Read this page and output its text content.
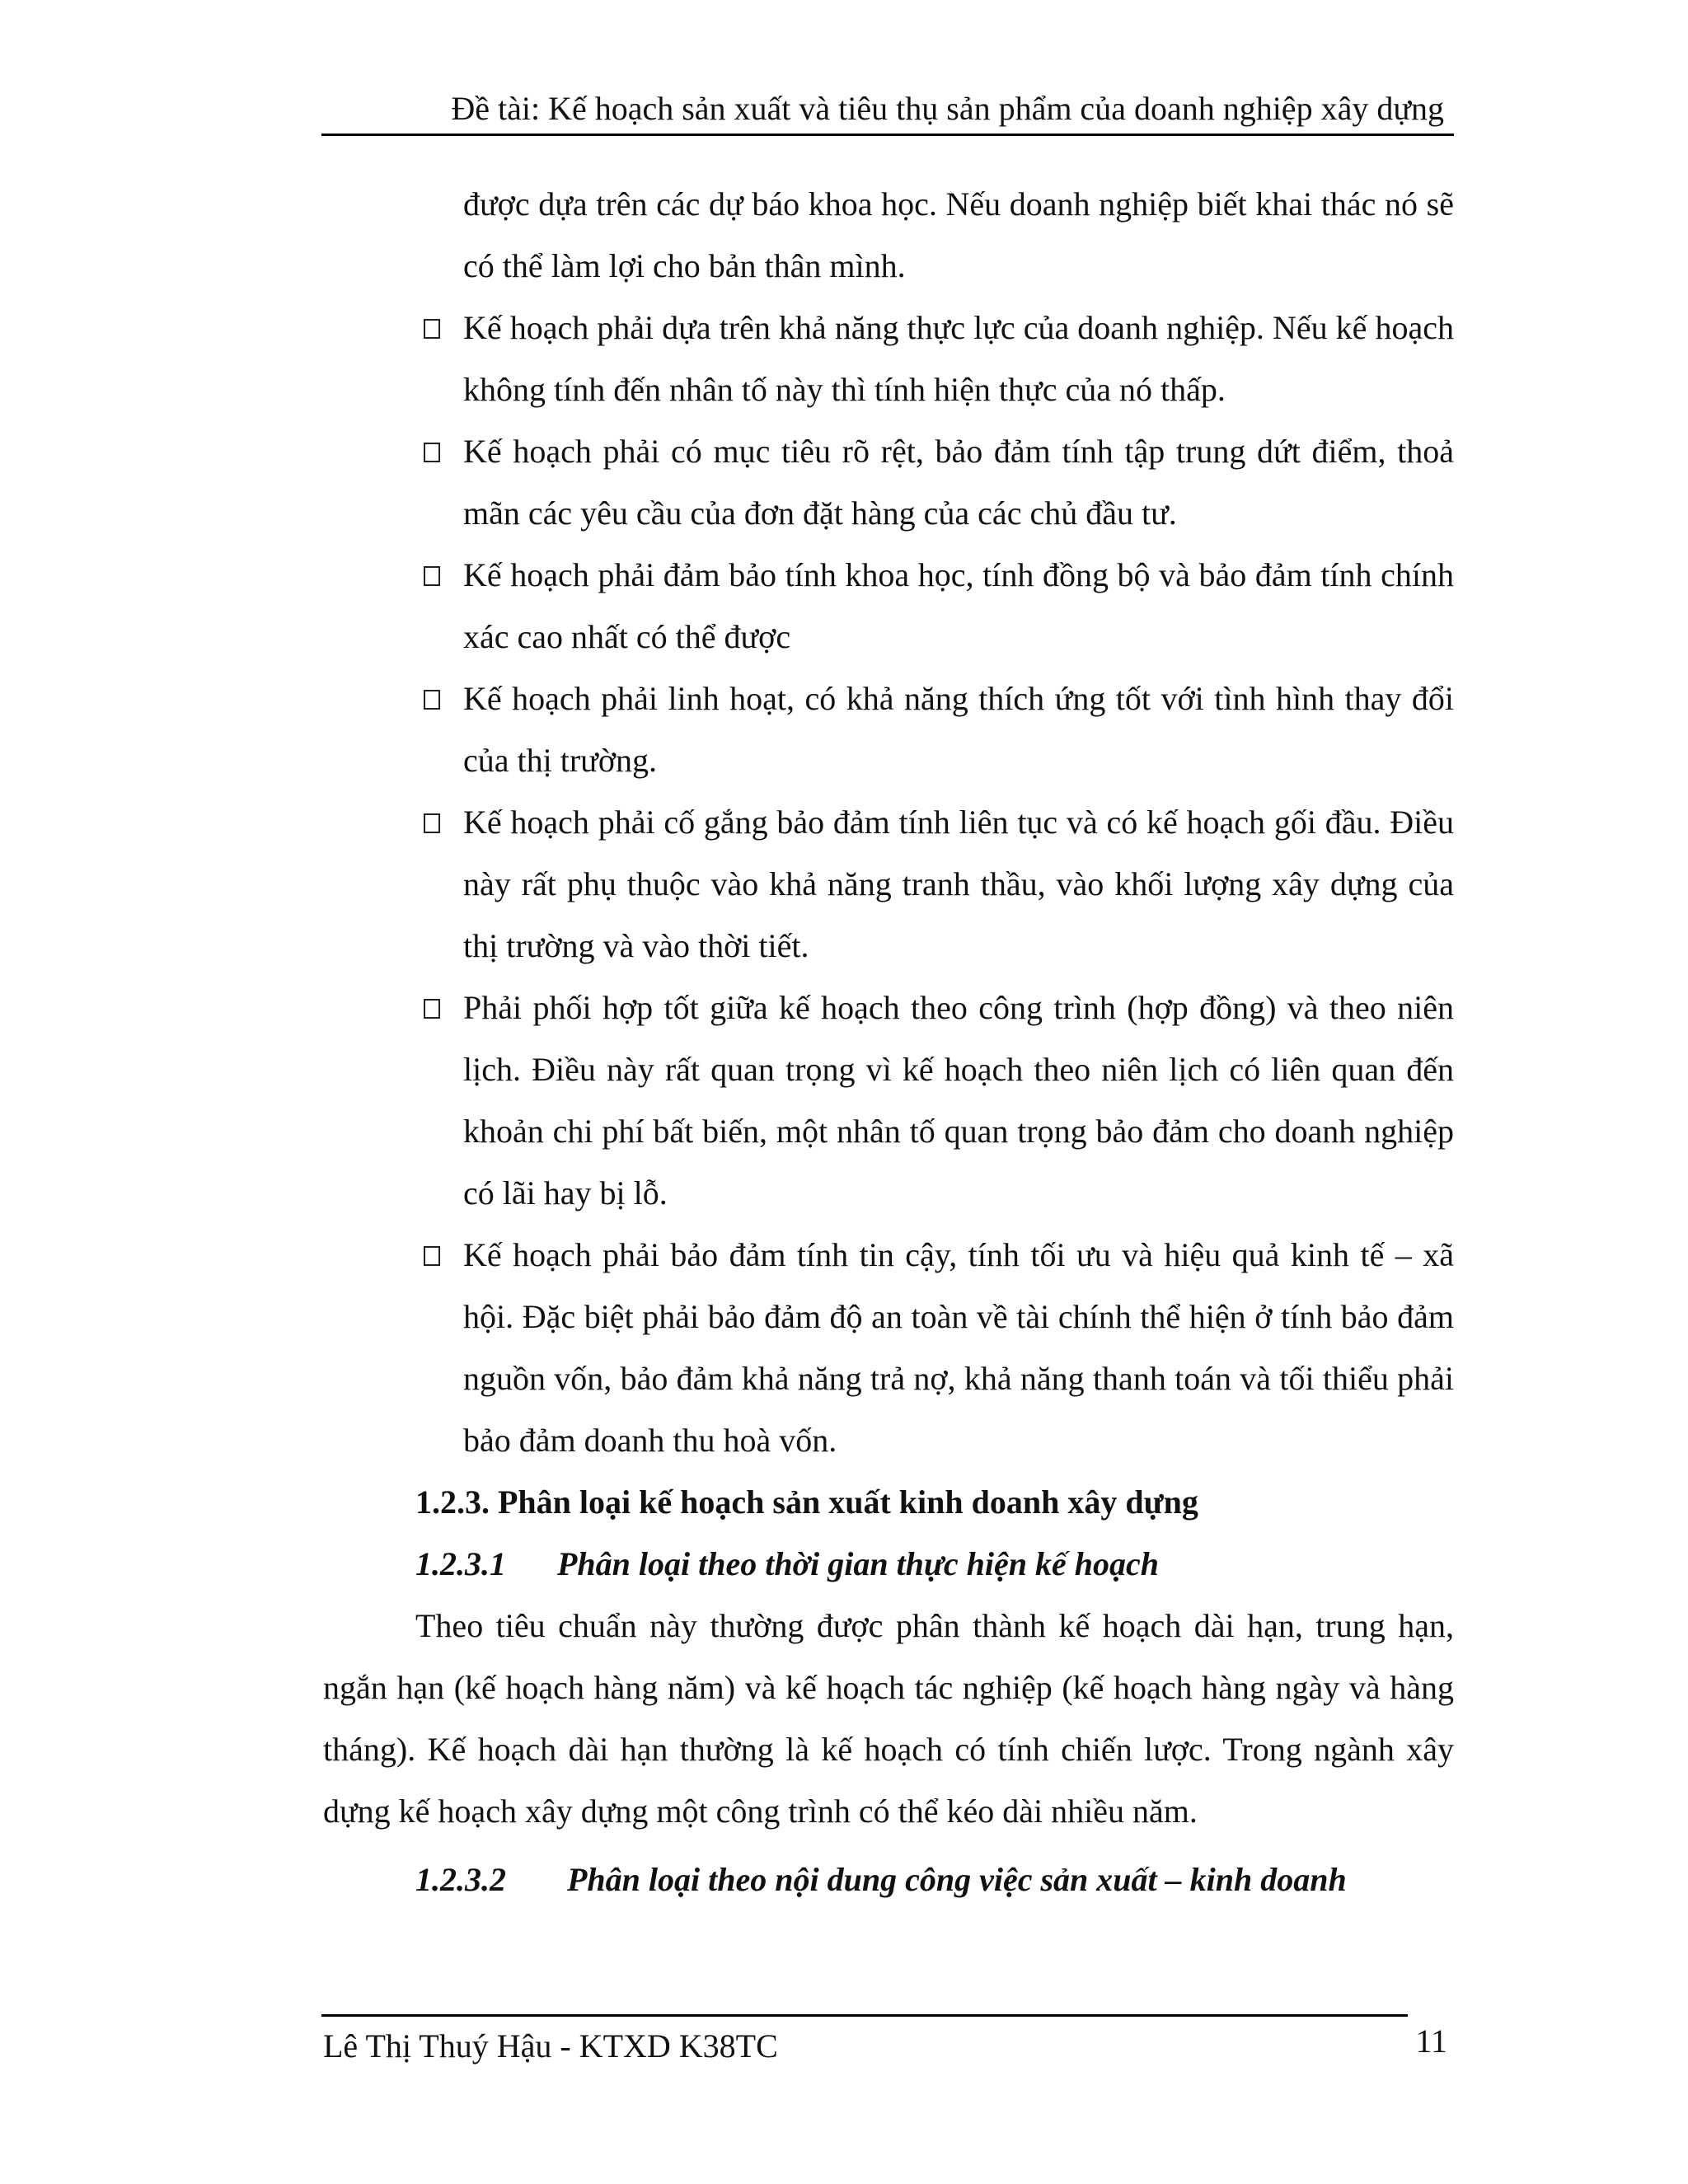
Đề tài: Kế hoạch sản xuất và tiêu thụ sản phẩm của doanh nghiệp xây dựng
được dựa trên các dự báo khoa học. Nếu doanh nghiệp biết khai thác nó sẽ có thể làm lợi cho bản thân mình.
Kế hoạch phải dựa trên khả năng thực lực của doanh nghiệp. Nếu kế hoạch không tính đến nhân tố này thì tính hiện thực của nó thấp.
Kế hoạch phải có mục tiêu rõ rệt, bảo đảm tính tập trung dứt điểm, thoả mãn các yêu cầu của đơn đặt hàng của các chủ đầu tư.
Kế hoạch phải đảm bảo tính khoa học, tính đồng bộ và bảo đảm tính chính xác cao nhất có thể được
Kế hoạch phải linh hoạt, có khả năng thích ứng tốt với tình hình thay đổi của thị trường.
Kế hoạch phải cố gắng bảo đảm tính liên tục và có kế hoạch gối đầu. Điều này rất phụ thuộc vào khả năng tranh thầu, vào khối lượng xây dựng của thị trường và vào thời tiết.
Phải phối hợp tốt giữa kế hoạch theo công trình (hợp đồng) và theo niên lịch. Điều này rất quan trọng vì kế hoạch theo niên lịch có liên quan đến khoản chi phí bất biến, một nhân tố quan trọng bảo đảm cho doanh nghiệp có lãi hay bị lỗ.
Kế hoạch phải bảo đảm tính tin cậy, tính tối ưu và hiệu quả kinh tế – xã hội. Đặc biệt phải bảo đảm độ an toàn về tài chính thể hiện ở tính bảo đảm nguồn vốn, bảo đảm khả năng trả nợ, khả năng thanh toán và tối thiểu phải bảo đảm doanh thu hoà vốn.
1.2.3. Phân loại kế hoạch sản xuất kinh doanh xây dựng
1.2.3.1 Phân loại theo thời gian thực hiện kế hoạch
Theo tiêu chuẩn này thường được phân thành kế hoạch dài hạn, trung hạn, ngắn hạn (kế hoạch hàng năm) và kế hoạch tác nghiệp (kế hoạch hàng ngày và hàng tháng). Kế hoạch dài hạn thường là kế hoạch có tính chiến lược. Trong ngành xây dựng kế hoạch xây dựng một công trình có thể kéo dài nhiều năm.
1.2.3.2 Phân loại theo nội dung công việc sản xuất – kinh doanh
Lê Thị Thuý Hậu - KTXD K38TC	11
